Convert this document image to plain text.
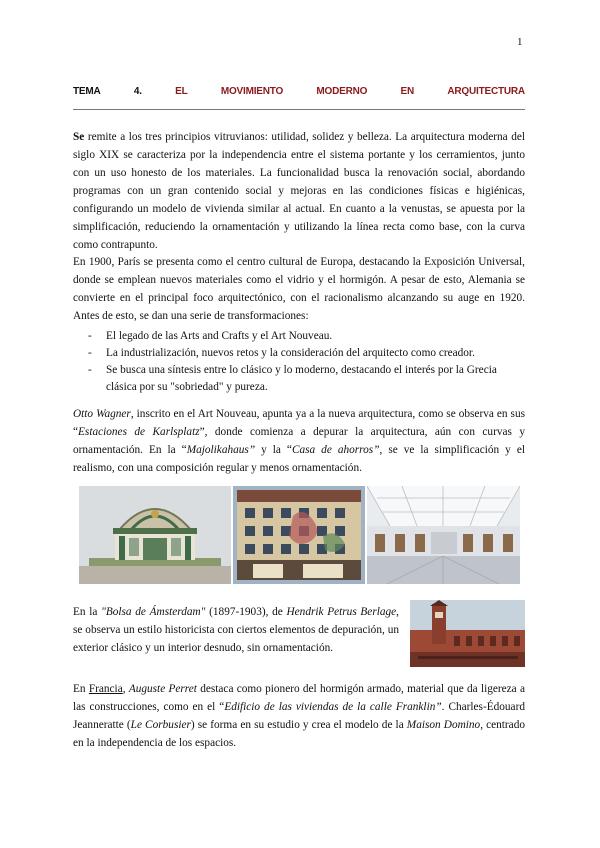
1
TEMA	4.	EL	MOVIMIENTO	MODERNO	EN	ARQUITECTURA

Se remite a los tres principios vitruvianos: utilidad, solidez y belleza. La arquitectura moderna del siglo XIX se caracteriza por la independencia entre el sistema portante y los cerramientos, junto con un uso honesto de los materiales. La funcionalidad busca la renovación social, abordando programas con un gran contenido social y mejoras en las condiciones físicas e higiénicas, configurando un modelo de vivienda similar al actual. En cuanto a la venustas, se apuesta por la simplificación, reduciendo la ornamentación y utilizando la línea recta como base, con la curva como contrapunto.

En 1900, París se presenta como el centro cultural de Europa, destacando la Exposición Universal, donde se emplean nuevos materiales como el vidrio y el hormigón. A pesar de esto, Alemania se convierte en el principal foco arquitectónico, con el racionalismo alcanzando su auge en 1920. Antes de esto, se dan una serie de transformaciones:

- El legado de las Arts and Crafts y el Art Nouveau.
- La industrialización, nuevos retos y la consideración del arquitecto como creador.
- Se busca una síntesis entre lo clásico y lo moderno, destacando el interés por la Grecia clásica por su "sobriedad" y pureza.

Otto Wagner, inscrito en el Art Nouveau, apunta ya a la nueva arquitectura, como se observa en sus “Estaciones de Karlsplatz”, donde comienza a depurar la arquitectura, aún con curvas y ornamentación. En la “Majolikahaus” y la “Casa de ahorros”, se ve la simplificación y el realismo, con una composición regular y menos ornamentación.

En la "Bolsa de Ámsterdam" (1897-1903), de Hendrik Petrus Berlage, se observa un estilo historicista con ciertos elementos de depuración, un exterior clásico y un interior desnudo, sin ornamentación.

En Francia, Auguste Perret destaca como pionero del hormigón armado, material que da ligereza a las construcciones, como en el “Edificio de las viviendas de la calle Franklin”. Charles-Édouard Jeanneratte (Le Corbusier) se forma en su estudio y crea el modelo de la Maison Domino, centrado en la independencia de los espacios.
